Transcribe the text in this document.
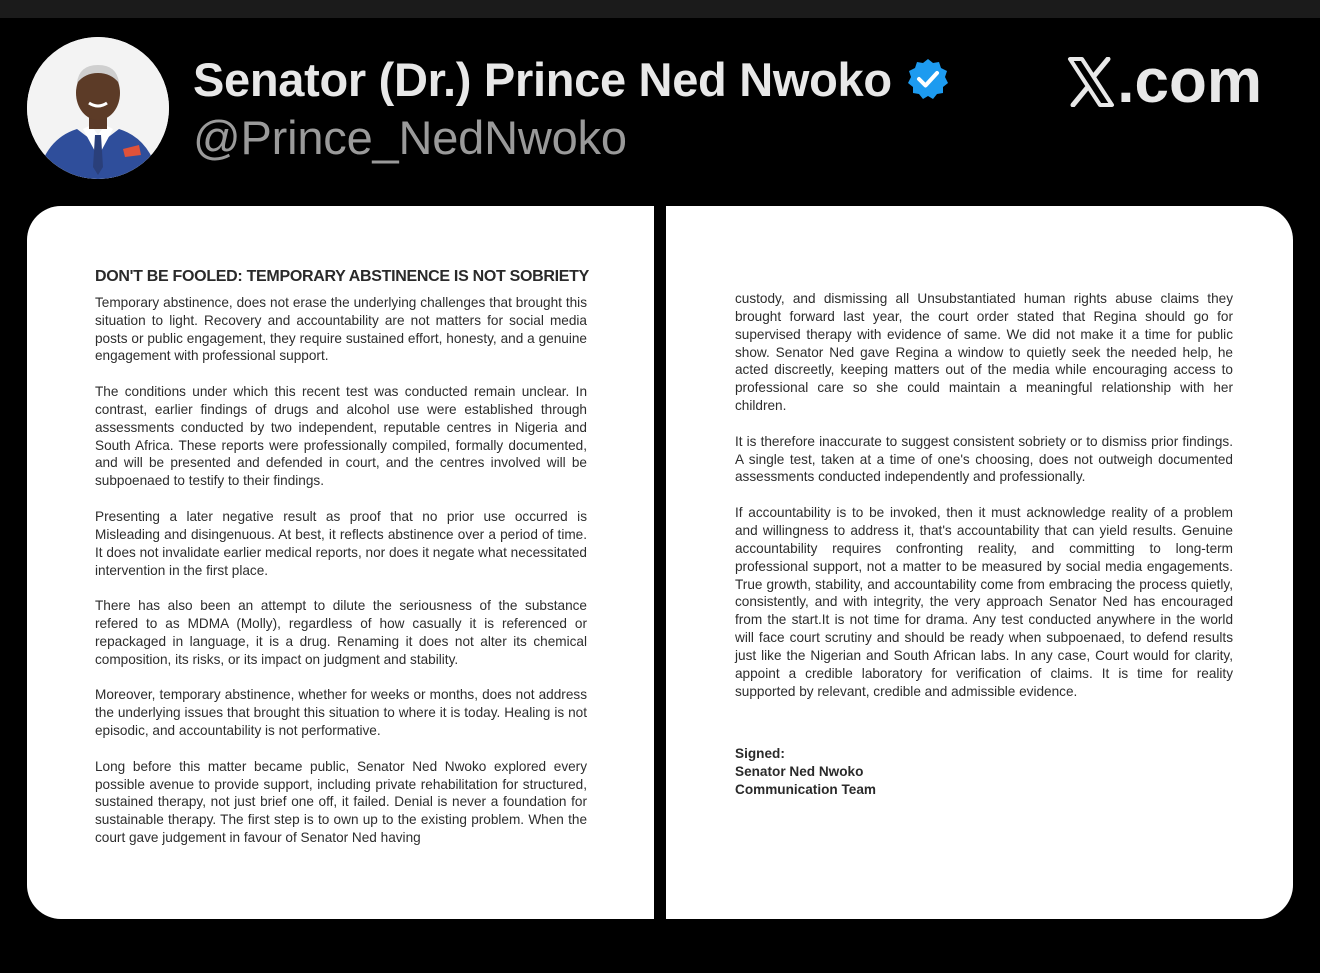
Senator (Dr.) Prince Ned Nwoko
@Prince_NedNwoko
.com
DON'T BE FOOLED: TEMPORARY ABSTINENCE IS NOT SOBRIETY

Temporary abstinence, does not erase the underlying challenges that brought this situation to light. Recovery and accountability are not matters for social media posts or public engagement, they require sustained effort, honesty, and a genuine engagement with professional support.

The conditions under which this recent test was conducted remain unclear. In contrast, earlier findings of drugs and alcohol use were established through assessments conducted by two independent, reputable centres in Nigeria and South Africa. These reports were professionally compiled, formally documented, and will be presented and defended in court, and the centres involved will be subpoenaed to testify to their findings.

Presenting a later negative result as proof that no prior use occurred is Misleading and disingenuous. At best, it reflects abstinence over a period of time. It does not invalidate earlier medical reports, nor does it negate what necessitated intervention in the first place.

There has also been an attempt to dilute the seriousness of the substance refered to as MDMA (Molly), regardless of how casually it is referenced or repackaged in language, it is a drug. Renaming it does not alter its chemical composition, its risks, or its impact on judgment and stability.

Moreover, temporary abstinence, whether for weeks or months, does not address the underlying issues that brought this situation to where it is today. Healing is not episodic, and accountability is not performative.

Long before this matter became public, Senator Ned Nwoko explored every possible avenue to provide support, including private rehabilitation for structured, sustained therapy, not just brief one off, it failed. Denial is never a foundation for sustainable therapy. The first step is to own up to the existing problem. When the court gave judgement in favour of Senator Ned having

custody, and dismissing all Unsubstantiated human rights abuse claims they brought forward last year, the court order stated that Regina should go for supervised therapy with evidence of same. We did not make it a time for public show. Senator Ned gave Regina a window to quietly seek the needed help, he acted discreetly, keeping matters out of the media while encouraging access to professional care so she could maintain a meaningful relationship with her children.

It is therefore inaccurate to suggest consistent sobriety or to dismiss prior findings. A single test, taken at a time of one's choosing, does not outweigh documented assessments conducted independently and professionally.

If accountability is to be invoked, then it must acknowledge reality of a problem and willingness to address it, that's accountability that can yield results. Genuine accountability requires confronting reality, and committing to long-term professional support, not a matter to be measured by social media engagements. True growth, stability, and accountability come from embracing the process quietly, consistently, and with integrity, the very approach Senator Ned has encouraged from the start.It is not time for drama. Any test conducted anywhere in the world will face court scrutiny and should be ready when subpoenaed, to defend results just like the Nigerian and South African labs. In any case, Court would for clarity, appoint a credible laboratory for verification of claims. It is time for reality supported by relevant, credible and admissible evidence.

Signed:
Senator Ned Nwoko
Communication Team
